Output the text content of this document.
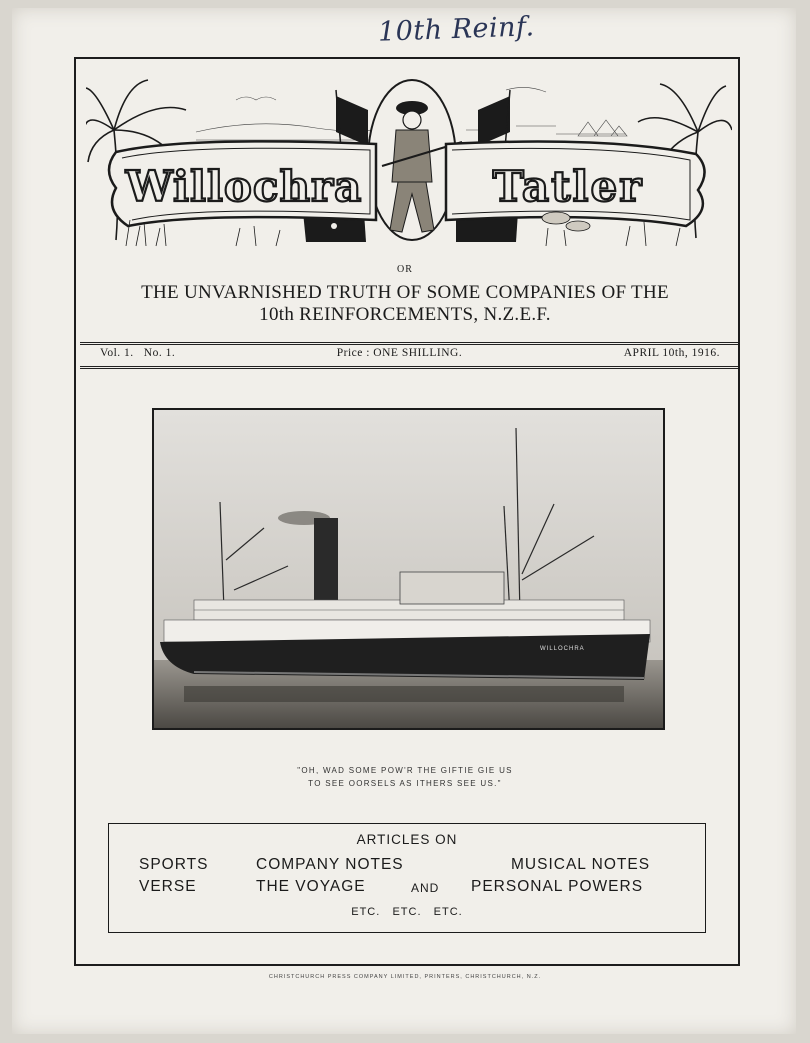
10th Reinf.
Willochra	Tatler
OR
THE UNVARNISHED TRUTH OF SOME COMPANIES OF THE
10th REINFORCEMENTS, N.Z.E.F.
Vol. 1.   No. 1.	Price : ONE SHILLING.	APRIL 10th, 1916.
WILLOCHRA
"OH, WAD SOME POW'R THE GIFTIE GIE US
TO SEE OORSELS AS ITHERS SEE US."
ARTICLES ON
SPORTS
VERSE
COMPANY NOTES
THE VOYAGE	AND
MUSICAL NOTES
PERSONAL POWERS
ETC.   ETC.   ETC.
CHRISTCHURCH PRESS COMPANY LIMITED, PRINTERS, CHRISTCHURCH, N.Z.
